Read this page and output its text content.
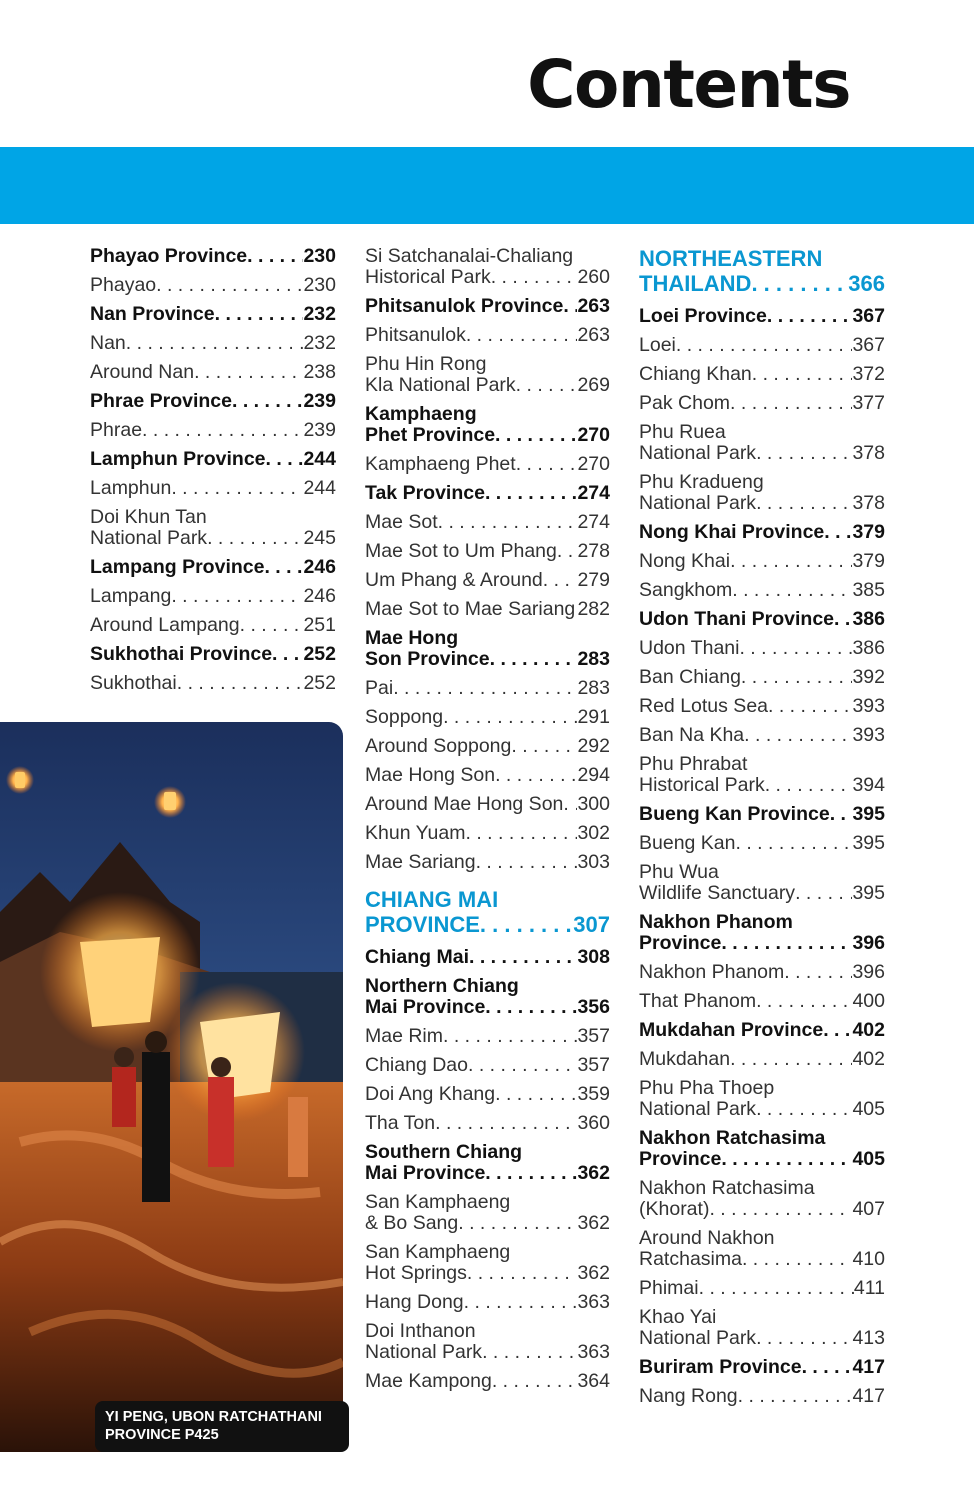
Contents
Phayao Province . . .	230
Phayao . . .	230
Nan Province . . .	232
Nan . . .	232
Around Nan . . .	238
Phrae Province . . .	239
Phrae . . .	239
Lamphun Province . . . 244
Lamphun . . .	244
Doi Khun Tan
National Park . . .	245
Lampang Province . . . 246
Lampang . . .	246
Around Lampang . . .	251
Sukhothai Province . . . 252
Sukhothai . . .	252
Si Satchanalai-Chaliang
Historical Park . . .	260
Phitsanulok Province . . . 263
Phitsanulok . . .	263
Phu Hin Rong
Kla National Park . . .	269
Kamphaeng
Phet Province . . .	270
Kamphaeng Phet . . .	270
Tak Province . . .	274
Mae Sot . . .	274
Mae Sot to Um Phang . . . 278
Um Phang & Around . . . 279
Mae Sot to Mae Sariang . . . 282
Mae Hong
Son Province . . .	283
Pai . . .	283
Soppong . . .	291
Around Soppong . . .	292
Mae Hong Son . . .	294
Around Mae Hong Son . . . 300
Khun Yuam . . .	302
Mae Sariang . . .	303
CHIANG MAI
PROVINCE . . .	307
Chiang Mai . . .	308
Northern Chiang
Mai Province . . .	356
Mae Rim . . .	357
Chiang Dao . . .	357
Doi Ang Khang . . .	359
Tha Ton . . .	360
Southern Chiang
Mai Province . . .	362
San Kamphaeng
& Bo Sang . . .	362
San Kamphaeng
Hot Springs . . .	362
Hang Dong . . .	363
Doi Inthanon
National Park . . .	363
Mae Kampong . . .	364
NORTHEASTERN
THAILAND . . .	366
Loei Province . . .	367
Loei . . .	367
Chiang Khan . . .	372
Pak Chom . . .	377
Phu Ruea
National Park . . .	378
Phu Kradueng
National Park . . .	378
Nong Khai Province . . . 379
Nong Khai . . .	379
Sangkhom . . .	385
Udon Thani Province . . . 386
Udon Thani . . .	386
Ban Chiang . . .	392
Red Lotus Sea . . .	393
Ban Na Kha . . .	393
Phu Phrabat
Historical Park . . .	394
Bueng Kan Province . . . 395
Bueng Kan . . .	395
Phu Wua
Wildlife Sanctuary . . .	395
Nakhon Phanom
Province . . .	396
Nakhon Phanom . . .	396
That Phanom . . .	400
Mukdahan Province . . . 402
Mukdahan . . .	402
Phu Pha Thoep
National Park . . .	405
Nakhon Ratchasima
Province . . .	405
Nakhon Ratchasima
(Khorat) . . .	407
Around Nakhon
Ratchasima . . .	410
Phimai . . .	411
Khao Yai
National Park . . .	413
Buriram Province . . .	417
Nang Rong . . .	417
YI PENG, UBON RATCHATHANI
PROVINCE P425
